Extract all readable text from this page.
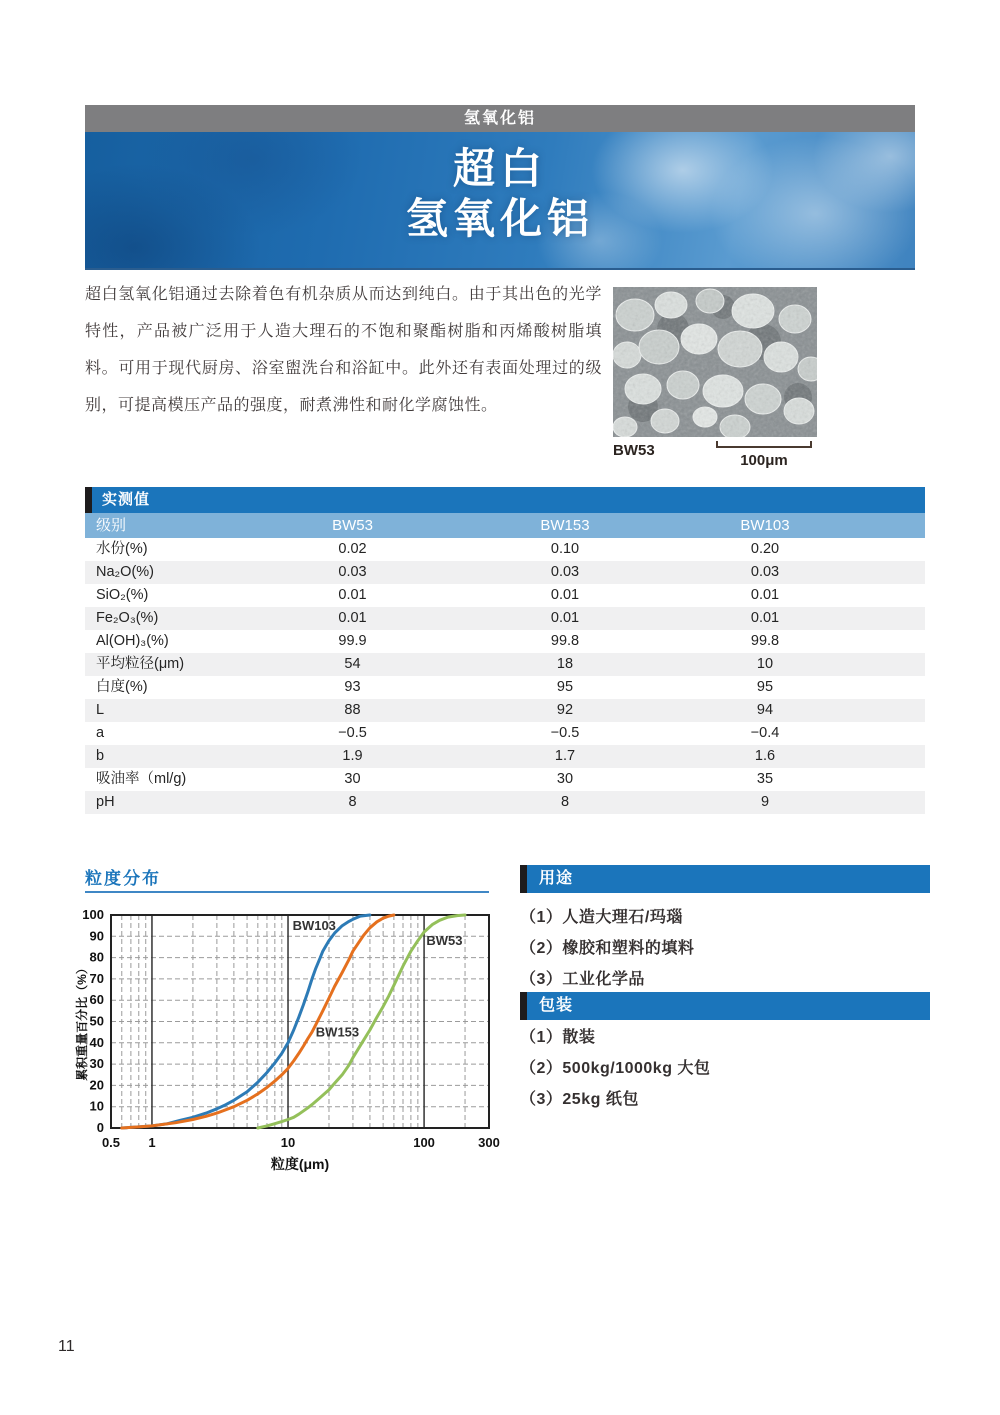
氢氧化铝
超白
氢氧化铝

超白氢氧化铝通过去除着色有机杂质从而达到纯白。由于其出色的光学特性，产品被广泛用于人造大理石的不饱和聚酯树脂和丙烯酸树脂填料。可用于现代厨房、浴室盥洗台和浴缸中。此外还有表面处理过的级别，可提高模压产品的强度，耐煮沸性和耐化学腐蚀性。

BW53
100μm
实测值
级别	BW53	BW153	BW103
水份(%)	0.02	0.10	0.20
Na₂O(%)	0.03	0.03	0.03
SiO₂(%)	0.01	0.01	0.01
Fe₂O₃(%)	0.01	0.01	0.01
Al(OH)₃(%)	99.9	99.8	99.8
平均粒径(μm)	54	18	10
白度(%)	93	95	95
L	88	92	94
a	−0.5	−0.5	−0.4
b	1.9	1.7	1.6
吸油率（ml/g)	30	30	35
pH	8	8	9
粒度分布
BW103
BW153
BW53
0
10
20
30
40
50
60
70
80
90
100
0.5 1	10	100	300
粒度(μm)
累积重量百分比（%）
用途
（1）人造大理石/玛瑙
（2）橡胶和塑料的填料
（3）工业化学品
包装
（1）散装
（2）500kg/1000kg 大包
（3）25kg 纸包
11
